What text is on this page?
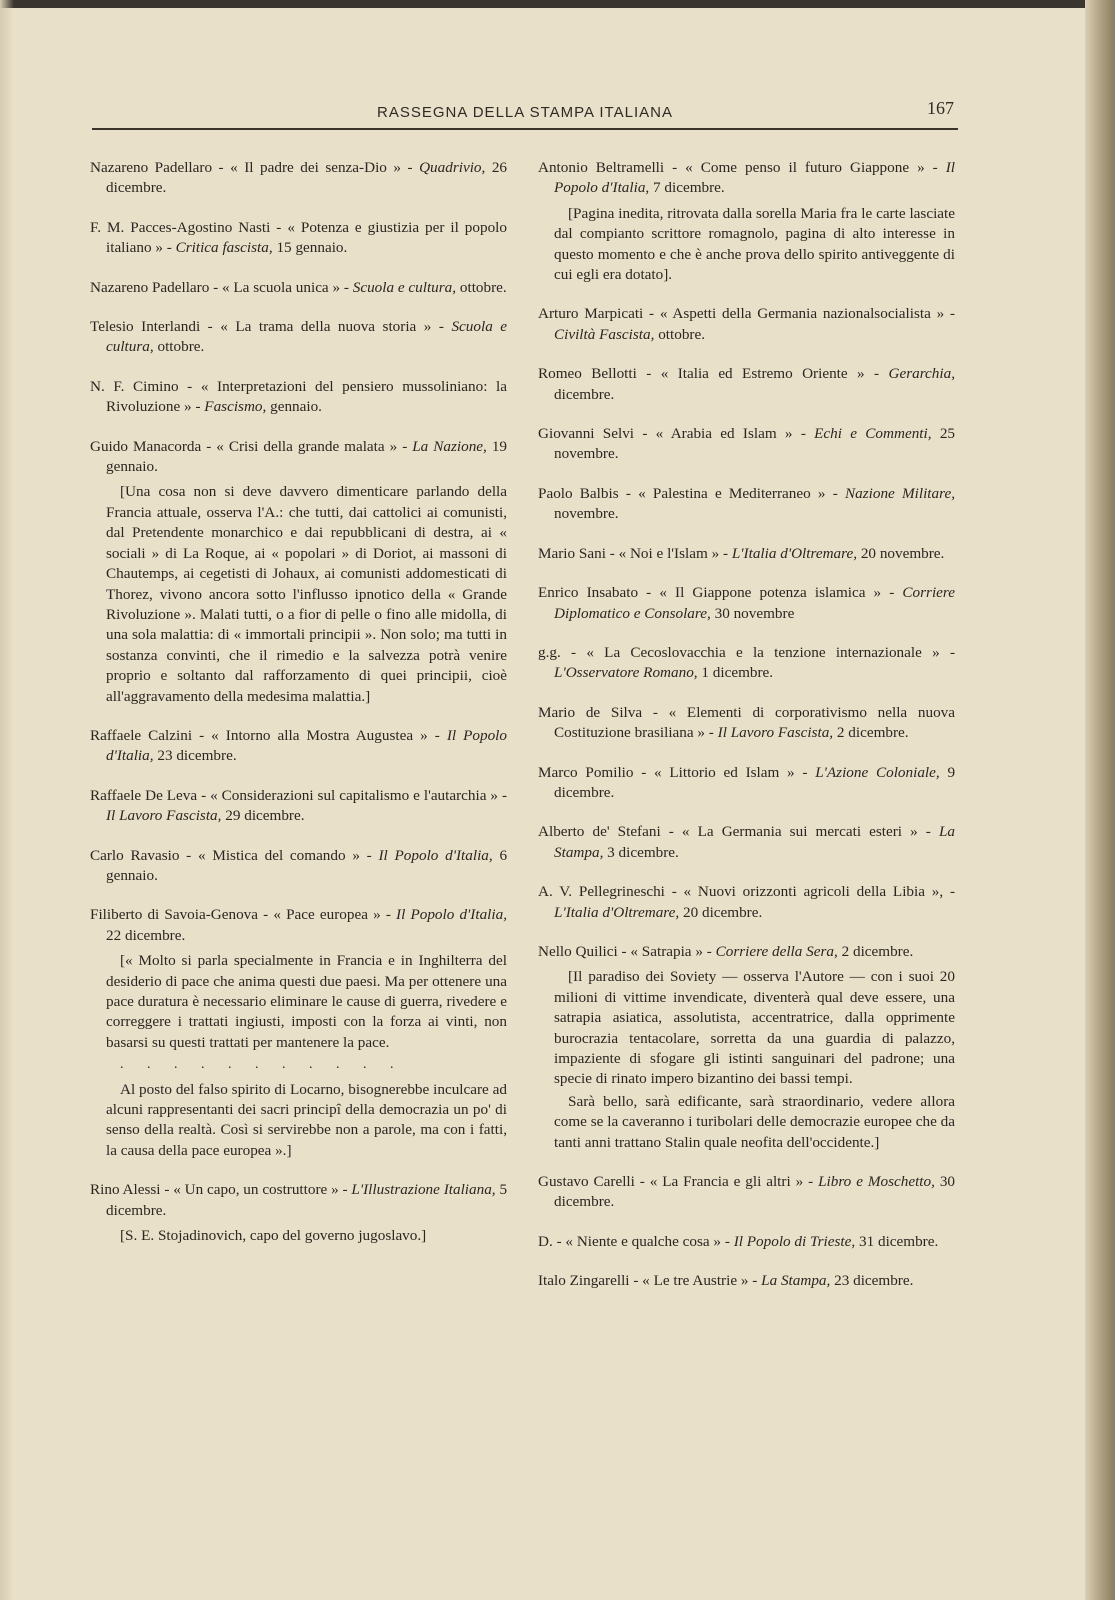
RASSEGNA DELLA STAMPA ITALIANA	167

Nazareno Padellaro - « Il padre dei senza-Dio » - Quadrivio, 26 dicembre.

F. M. Pacces-Agostino Nasti - « Potenza e giustizia per il popolo italiano » - Critica fascista, 15 gennaio.

Nazareno Padellaro - « La scuola unica » - Scuola e cultura, ottobre.

Telesio Interlandi - « La trama della nuova storia » - Scuola e cultura, ottobre.

N. F. Cimino - « Interpretazioni del pensiero mussoliniano: la Rivoluzione » - Fascismo, gennaio.

Guido Manacorda - « Crisi della grande malata » - La Nazione, 19 gennaio.

[Una cosa non si deve davvero dimenticare parlando della Francia attuale, osserva l'A.: che tutti, dai cattolici ai comunisti, dal Pretendente monarchico e dai repubblicani di destra, ai « sociali » di La Roque, ai « popolari » di Doriot, ai massoni di Chautemps, ai cegetisti di Johaux, ai comunisti addomesticati di Thorez, vivono ancora sotto l'influsso ipnotico della « Grande Rivoluzione ». Malati tutti, o a fior di pelle o fino alle midolla, di una sola malattia: di « immortali principii ». Non solo; ma tutti in sostanza convinti, che il rimedio e la salvezza potrà venire proprio e soltanto dal rafforzamento di quei principii, cioè all'aggravamento della medesima malattia.]

Raffaele Calzini - « Intorno alla Mostra Augustea » - Il Popolo d'Italia, 23 dicembre.

Raffaele De Leva - « Considerazioni sul capitalismo e l'autarchia » - Il Lavoro Fascista, 29 dicembre.

Carlo Ravasio - « Mistica del comando » - Il Popolo d'Italia, 6 gennaio.

Filiberto di Savoia-Genova - « Pace europea » - Il Popolo d'Italia, 22 dicembre.

[« Molto si parla specialmente in Francia e in Inghilterra del desiderio di pace che anima questi due paesi. Ma per ottenere una pace duratura è necessario eliminare le cause di guerra, rivedere e correggere i trattati ingiusti, imposti con la forza ai vinti, non basarsi su questi trattati per mantenere la pace.

. . . . . . . . . . .

Al posto del falso spirito di Locarno, bisognerebbe inculcare ad alcuni rappresentanti dei sacri principî della democrazia un po' di senso della realtà. Così si servirebbe non a parole, ma con i fatti, la causa della pace europea ».]

Rino Alessi - « Un capo, un costruttore » - L'Illustrazione Italiana, 5 dicembre.

[S. E. Stojadinovich, capo del governo jugoslavo.]

Antonio Beltramelli - « Come penso il futuro Giappone » - Il Popolo d'Italia, 7 dicembre.

[Pagina inedita, ritrovata dalla sorella Maria fra le carte lasciate dal compianto scrittore romagnolo, pagina di alto interesse in questo momento e che è anche prova dello spirito antiveggente di cui egli era dotato].

Arturo Marpicati - « Aspetti della Germania nazionalsocialista » - Civiltà Fascista, ottobre.

Romeo Bellotti - « Italia ed Estremo Oriente » - Gerarchia, dicembre.

Giovanni Selvi - « Arabia ed Islam » - Echi e Commenti, 25 novembre.

Paolo Balbis - « Palestina e Mediterraneo » - Nazione Militare, novembre.

Mario Sani - « Noi e l'Islam » - L'Italia d'Oltremare, 20 novembre.

Enrico Insabato - « Il Giappone potenza islamica » - Corriere Diplomatico e Consolare, 30 novembre

g.g. - « La Cecoslovacchia e la tenzione internazionale » - L'Osservatore Romano, 1 dicembre.

Mario de Silva - « Elementi di corporativismo nella nuova Costituzione brasiliana » - Il Lavoro Fascista, 2 dicembre.

Marco Pomilio - « Littorio ed Islam » - L'Azione Coloniale, 9 dicembre.

Alberto de' Stefani - « La Germania sui mercati esteri » - La Stampa, 3 dicembre.

A. V. Pellegrineschi - « Nuovi orizzonti agricoli della Libia », - L'Italia d'Oltremare, 20 dicembre.

Nello Quilici - « Satrapia » - Corriere della Sera, 2 dicembre.

[Il paradiso dei Soviety — osserva l'Autore — con i suoi 20 milioni di vittime invendicate, diventerà qual deve essere, una satrapia asiatica, assolutista, accentratrice, dalla opprimente burocrazia tentacolare, sorretta da una guardia di palazzo, impaziente di sfogare gli istinti sanguinari del padrone; una specie di rinato impero bizantino dei bassi tempi.

Sarà bello, sarà edificante, sarà straordinario, vedere allora come se la caveranno i turibolari delle democrazie europee che da tanti anni trattano Stalin quale neofita dell'occidente.]

Gustavo Carelli - « La Francia e gli altri » - Libro e Moschetto, 30 dicembre.

D. - « Niente e qualche cosa » - Il Popolo di Trieste, 31 dicembre.

Italo Zingarelli - « Le tre Austrie » - La Stampa, 23 dicembre.
